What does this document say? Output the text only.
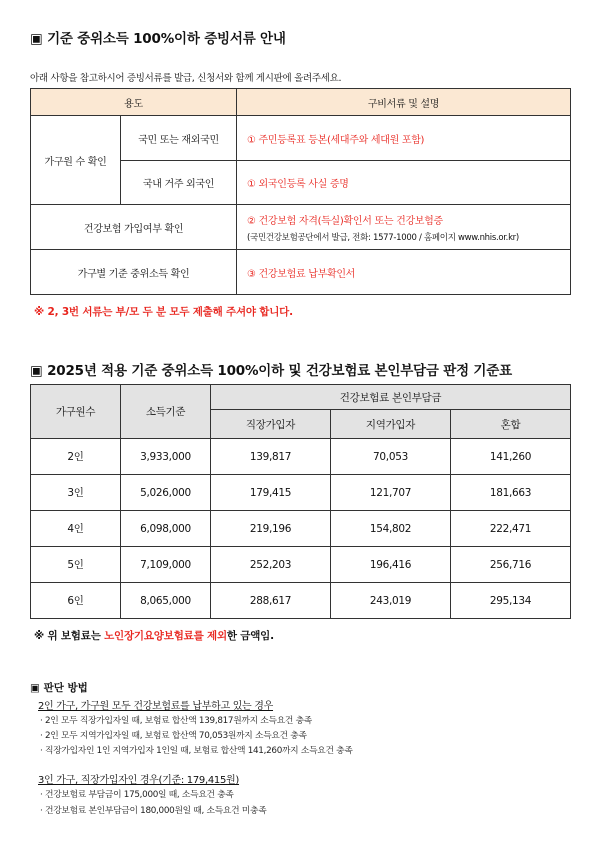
▣ 기준 중위소득 100%이하 증빙서류 안내
아래 사항을 참고하시어 증빙서류를 발급, 신청서와 함께 게시판에 올려주세요.
용도		구비서류 및 설명
가구원 수 확인	국민 또는 재외국민	① 주민등록표 등본(세대주와 세대원 포함)
	국내 거주 외국인	① 외국인등록 사실 증명
건강보험 가입여부 확인		② 건강보험 자격(득실)확인서 또는 건강보험증
(국민건강보험공단에서 발급, 전화: 1577-1000 / 홈페이지 www.nhis.or.kr)

가구별 기준 중위소득 확인		③ 건강보험료 납부확인서
※ 2, 3번 서류는 부/모 두 분 모두 제출해 주셔야 합니다.
▣ 2025년 적용 기준 중위소득 100%이하 및 건강보험료 본인부담금 판정 기준표
가구원수	소득기준	건강보험료 본인부담금		
		직장가입자	지역가입자	혼합
2인	3,933,000	139,817	70,053	141,260
3인	5,026,000	179,415	121,707	181,663
4인	6,098,000	219,196	154,802	222,471
5인	7,109,000	252,203	196,416	256,716
6인	8,065,000	288,617	243,019	295,134
※ 위 보험료는 노인장기요양보험료를 제외한 금액임.
▣ 판단 방법
2인 가구, 가구원 모두 건강보험료를 납부하고 있는 경우
· 2인 모두 직장가입자일 때, 보험료 합산액 139,817원까지 소득요건 충족
· 2인 모두 지역가입자일 때, 보험료 합산액 70,053원까지 소득요건 충족
· 직장가입자인 1인 지역가입자 1인일 때, 보험료 합산액 141,260까지 소득요건 충족
3인 가구, 직장가입자인 경우(기준: 179,415원)
· 건강보험료 부담금이 175,000일 때, 소득요건 충족
· 건강보험료 본인부담금이 180,000원일 때, 소득요건 미충족
